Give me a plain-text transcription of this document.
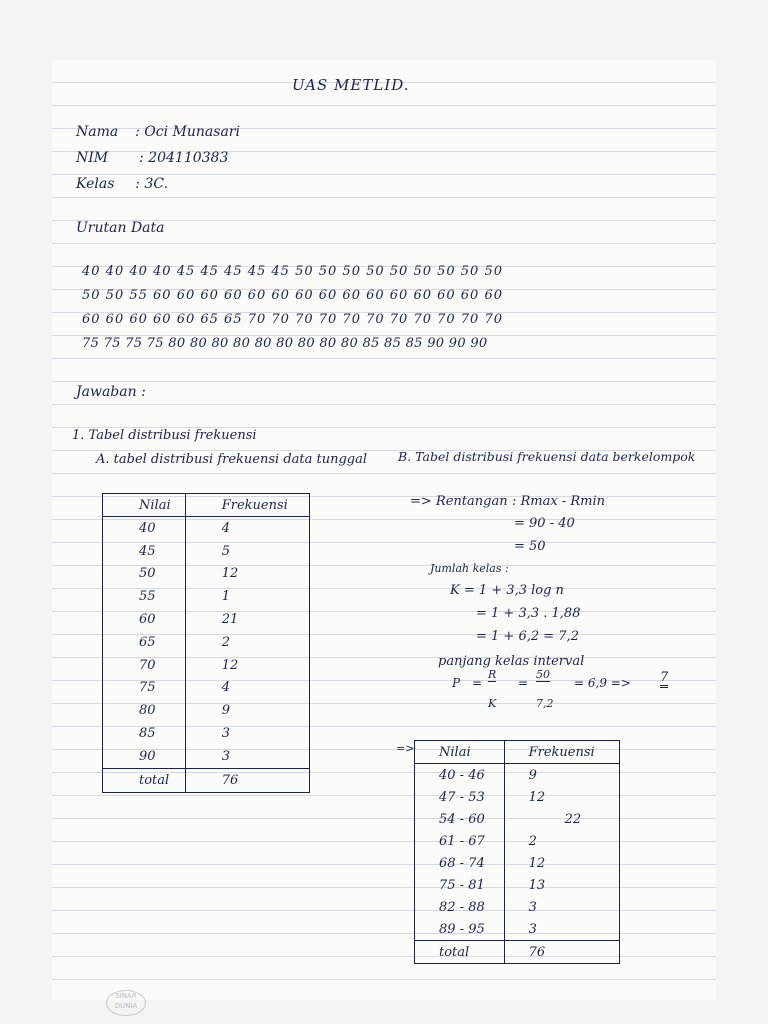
UAS METLID.
Nama : Oci Munasari
NIM : 204110383
Kelas : 3C.
Urutan Data
40 40 40 40 45 45 45 45 45 50 50 50 50 50 50 50 50 50
50 50 55 60 60 60 60 60 60 60 60 60 60 60 60 60 60 60
60 60 60 60 60 65 65 70 70 70 70 70 70 70 70 70 70 70
75 75 75 75 80 80 80 80 80 80 80 80 80 85 85 85 90 90 90
Jawaban :
1. Tabel distribusi frekuensi
A. tabel distribusi frekuensi data tunggal B. Tabel distribusi frekuensi data berkelompok
Nilai	Frekuensi
40	4
45	5
50	12
55	1
60	21
65	2
70	12
75	4
80	9
85	3
90	3
total	76
=> Rentangan : Rmax - Rmin
= 90 - 40
= 50
Jumlah kelas :
K = 1 + 3,3 log n
= 1 + 3,3 . 1,88
= 1 + 6,2 = 7,2
panjang kelas interval
P =
R
K
=
50
7,2
= 6,9 => 7
=> Nilai	Frekuensi
40 - 46	9
47 - 53	12
54 - 60	22
61 - 67	2
68 - 74	12
75 - 81	13
82 - 88	3
89 - 95	3
total	76
SINAR DUNIA
